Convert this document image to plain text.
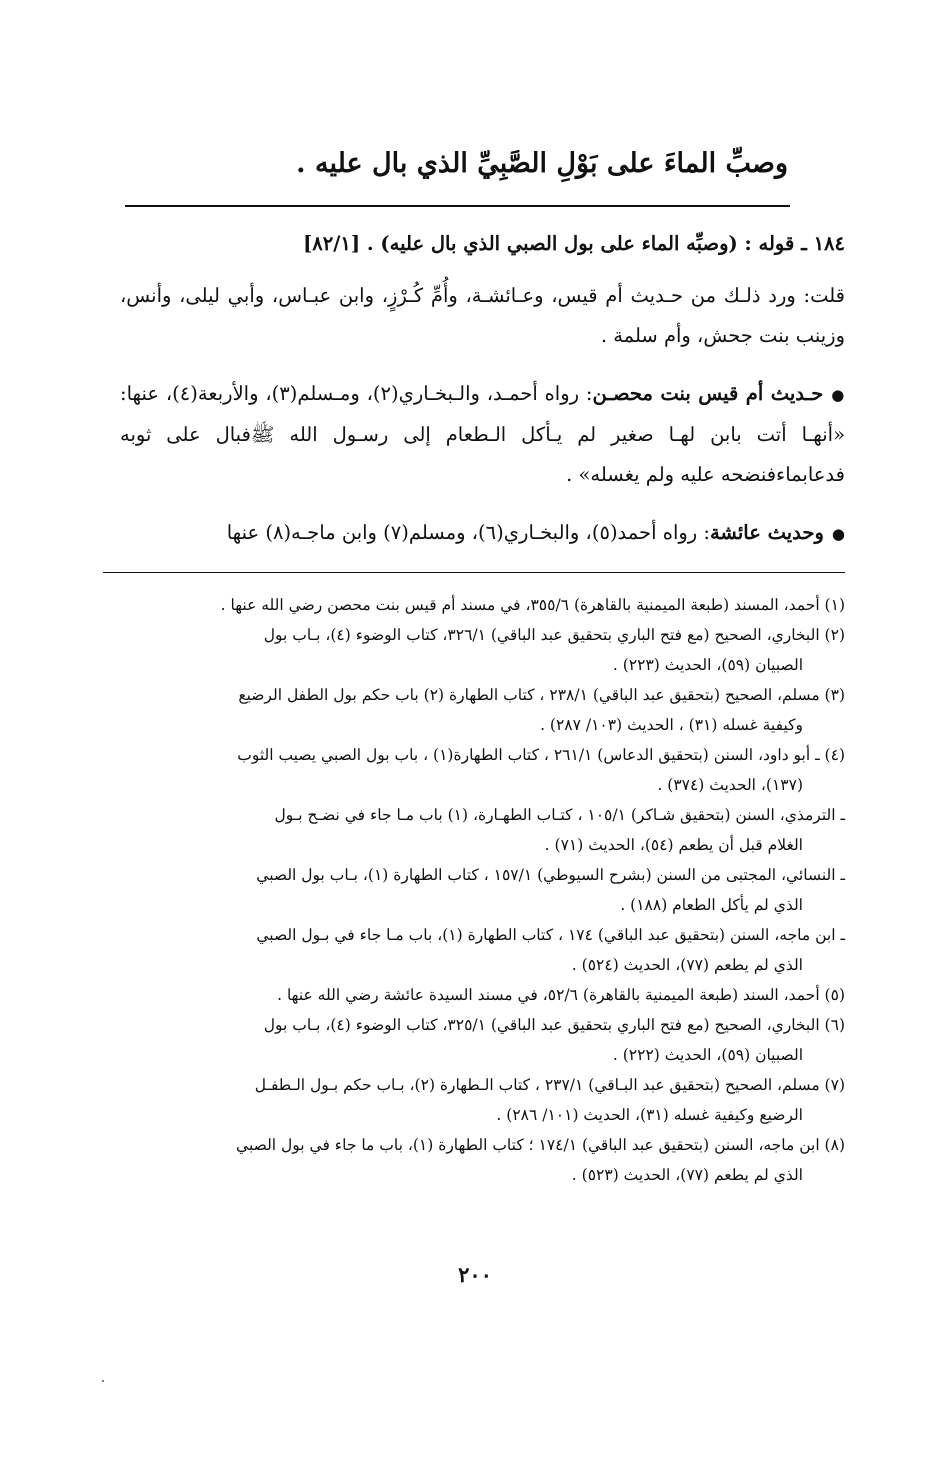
وصبِّ الماءَ على بَوْلِ الصَّبِيِّ الذي بال عليه .

١٨٤ ـ قوله : (وصبِّه الماء على بول الصبي الذي بال عليه) . [٨٢/١]

قلت: ورد ذلـك من حـديث أم قيس، وعـائشـة، وأُمِّ كُـرْزٍ، وابن عبـاس، وأبي ليلى، وأنس، وزينب بنت جحش، وأم سلمة .

●حـديث أم قيس بنت محصـن: رواه أحمـد، والـبخـاري(٢)، ومـسلم(٣)، والأربعة(٤)، عنها: «أنهـا أتت بابن لهـا صغير لم يـأكل الـطعام إلى رسـول الله ﷺفبال على ثوبه فدعابماءفنضحه عليه ولم يغسله» .

●وحديث عائشة: رواه أحمد(٥)، والبخـاري(٦)، ومسلم(٧) وابن ماجـه(٨) عنها

(١) أحمد، المسند (طبعة الميمنية بالقاهرة) ٣٥٥/٦، في مسند أم قيس بنت محصن رضي الله عنها .

(٢) البخاري، الصحيح (مع فتح الباري بتحقيق عبد الباقي) ٣٢٦/١، كتاب الوضوء (٤)، بـاب بول

الصبيان (٥٩)، الحديث (٢٢٣) .

(٣) مسلم، الصحيح (بتحقيق عبد الباقي) ٢٣٨/١ ، كتاب الطهارة (٢) باب حكم بول الطفل الرضيع

وكيفية غسله (٣١) ، الحديث (١٠٣/ ٢٨٧) .

(٤) ـ أبو داود، السنن (بتحقيق الدعاس) ٢٦١/١ ، كتاب الطهارة(١) ، باب بول الصبي يصيب الثوب

(١٣٧)، الحديث (٣٧٤) .

ـ الترمذي، السنن (بتحقيق شـاكر) ١٠٥/١ ، كتـاب الطهـارة، (١) باب مـا جاء في نضـح بـول

الغلام قبل أن يطعم (٥٤)، الحديث (٧١) .

ـ النسائي، المجتبى من السنن (بشرح السيوطي) ١٥٧/١ ، كتاب الطهارة (١)، بـاب بول الصبي

الذي لم يأكل الطعام (١٨٨) .

ـ ابن ماجه، السنن (بتحقيق عبد الباقي) ١٧٤ ، كتاب الطهارة (١)، باب مـا جاء في بـول الصبي

الذي لم يطعم (٧٧)، الحديث (٥٢٤) .

(٥) أحمد، السند (طبعة الميمنية بالقاهرة) ٥٢/٦، في مسند السيدة عائشة رضي الله عنها .

(٦) البخاري، الصحيح (مع فتح الباري بتحقيق عبد الباقي) ٣٢٥/١، كتاب الوضوء (٤)، بـاب بول

الصبيان (٥٩)، الحديث (٢٢٢) .

(٧) مسلم، الصحيح (بتحقيق عبد البـاقي) ٢٣٧/١ ، كتاب الـطهارة (٢)، بـاب حكم بـول الـطفـل

الرضيع وكيفية غسله (٣١)، الحديث (١٠١/ ٢٨٦) .

(٨) ابن ماجه، السنن (بتحقيق عبد الباقي) ١٧٤/١ ؛ كتاب الطهارة (١)، باب ما جاء في بول الصبي

الذي لم يطعم (٧٧)، الحديث (٥٢٣) .

٢٠٠
